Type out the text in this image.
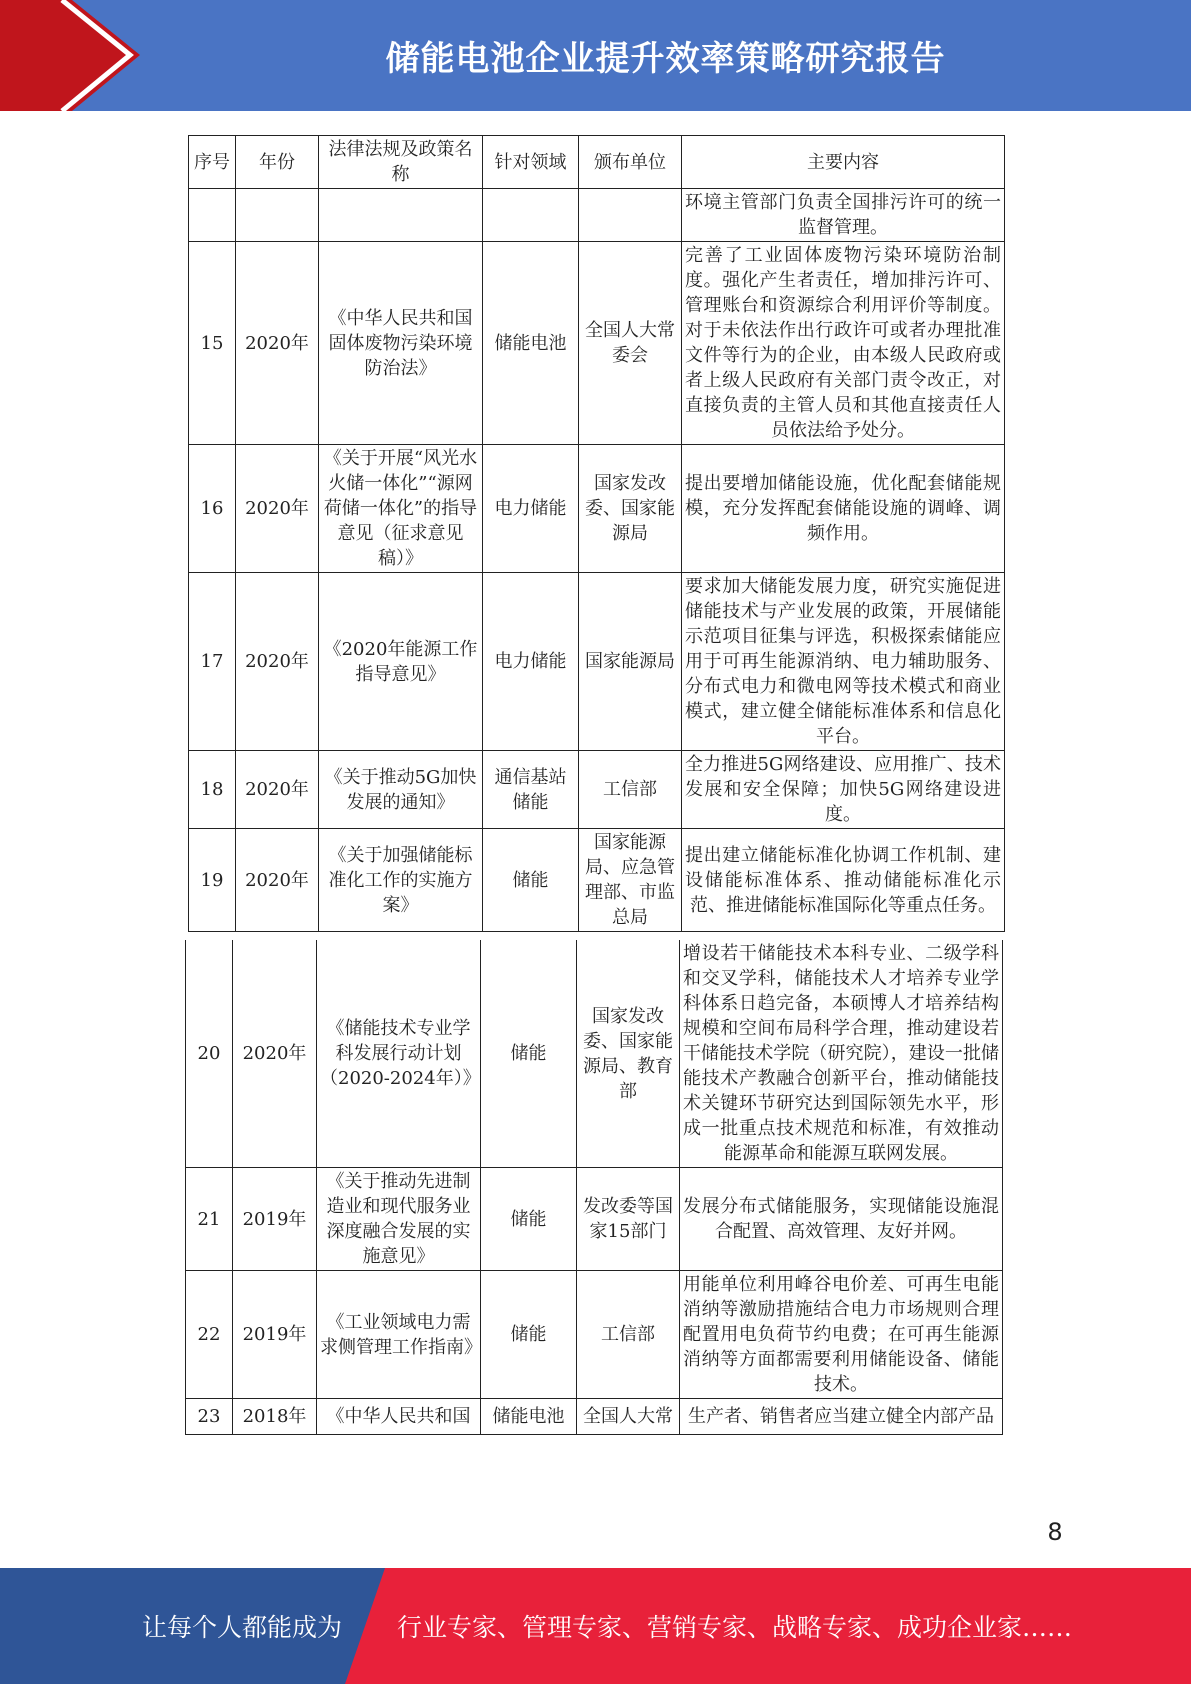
储能电池企业提升效率策略研究报告
序号	年份	法律法规及政策名称	针对领域	颁布单位	主要内容
					环境主管部门负责全国排污许可的统一监督管理。
15	2020年	《中华人民共和国固体废物污染环境防治法》	储能电池	全国人大常委会	完善了工业固体废物污染环境防治制度。强化产生者责任，增加排污许可、管理账台和资源综合利用评价等制度。对于未依法作出行政许可或者办理批准文件等行为的企业，由本级人民政府或者上级人民政府有关部门责令改正，对直接负责的主管人员和其他直接责任人员依法给予处分。
16	2020年	《关于开展“风光水火储一体化”“源网荷储一体化”的指导意见（征求意见稿）》	电力储能	国家发改委、国家能源局	提出要增加储能设施，优化配套储能规模，充分发挥配套储能设施的调峰、调频作用。
17	2020年	《2020年能源工作指导意见》	电力储能	国家能源局	要求加大储能发展力度，研究实施促进储能技术与产业发展的政策，开展储能示范项目征集与评选，积极探索储能应用于可再生能源消纳、电力辅助服务、分布式电力和微电网等技术模式和商业模式，建立健全储能标准体系和信息化平台。
18	2020年	《关于推动5G加快发展的通知》	通信基站储能	工信部	全力推进5G网络建设、应用推广、技术发展和安全保障；加快5G网络建设进度。
19	2020年	《关于加强储能标准化工作的实施方案》	储能	国家能源局、应急管理部、市监总局	提出建立储能标准化协调工作机制、建设储能标准体系、推动储能标准化示范、推进储能标准国际化等重点任务。
20	2020年	《储能技术专业学科发展行动计划（2020-2024年）》	储能	国家发改委、国家能源局、教育部	增设若干储能技术本科专业、二级学科和交叉学科，储能技术人才培养专业学科体系日趋完备，本硕博人才培养结构规模和空间布局科学合理，推动建设若干储能技术学院（研究院），建设一批储能技术产教融合创新平台，推动储能技术关键环节研究达到国际领先水平，形成一批重点技术规范和标准，有效推动能源革命和能源互联网发展。
21	2019年	《关于推动先进制造业和现代服务业深度融合发展的实施意见》	储能	发改委等国家15部门	发展分布式储能服务，实现储能设施混合配置、高效管理、友好并网。
22	2019年	《工业领域电力需求侧管理工作指南》	储能	工信部	用能单位利用峰谷电价差、可再生电能消纳等激励措施结合电力市场规则合理配置用电负荷节约电费；在可再生能源消纳等方面都需要利用储能设备、储能技术。
23	2018年	《中华人民共和国	储能电池	全国人大常	生产者、销售者应当建立健全内部产品
8
让每个人都能成为 行业专家、管理专家、营销专家、战略专家、成功企业家……
